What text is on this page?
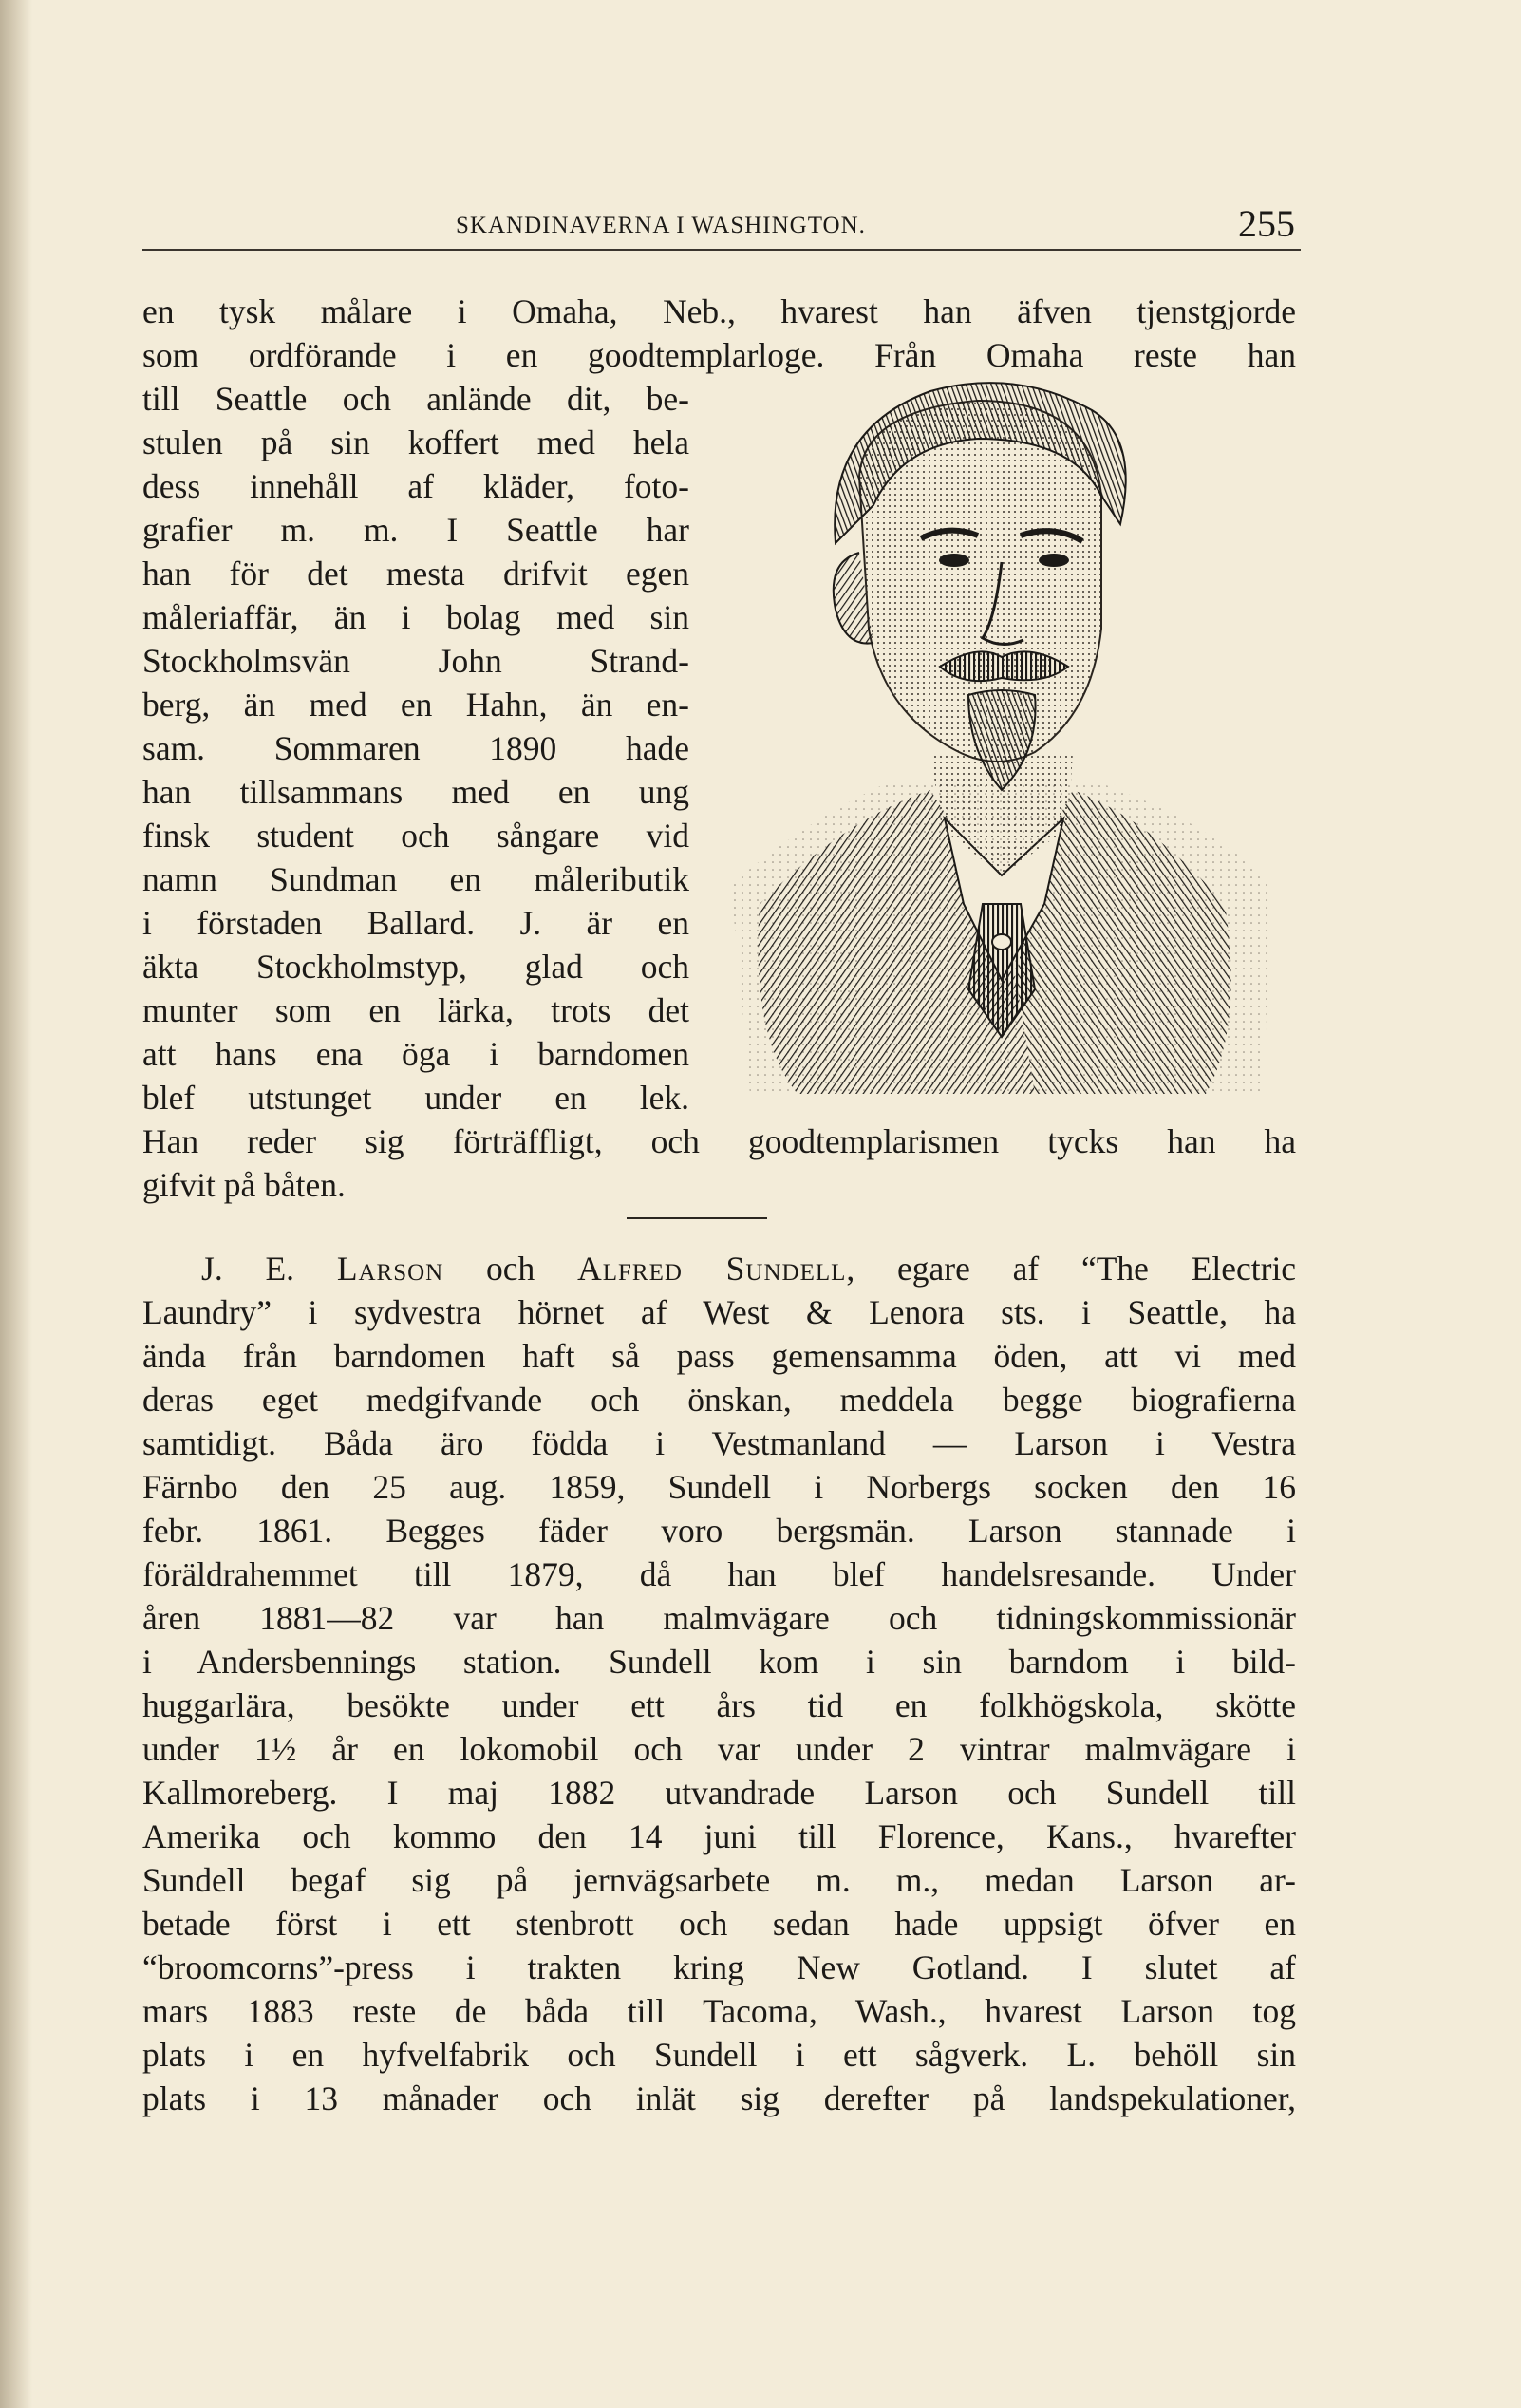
SKANDINAVERNA I WASHINGTON.	255
en tysk målare i Omaha, Neb., hvarest han äfven tjenstgjorde
som ordförande i en goodtemplarloge. Från Omaha reste han
till Seattle och anlände dit, be-
stulen på sin koffert med hela
dess innehåll af kläder, foto-
grafier m. m. I Seattle har
han för det mesta drifvit egen
måleriaffär, än i bolag med sin
Stockholmsvän John Strand-
berg, än med en Hahn, än en-
sam. Sommaren 1890 hade
han tillsammans med en ung
finsk student och sångare vid
namn Sundman en måleributik
i förstaden Ballard. J. är en
äkta Stockholmstyp, glad och
munter som en lärka, trots det
att hans ena öga i barndomen
blef utstunget under en lek.
Han reder sig förträffligt, och goodtemplarismen tycks han ha
gifvit på båten.
J. E. Larson och Alfred Sundell, egare af “The Electric
Laundry” i sydvestra hörnet af West & Lenora sts. i Seattle, ha
ända från barndomen haft så pass gemensamma öden, att vi med
deras eget medgifvande och önskan, meddela begge biografierna
samtidigt. Båda äro födda i Vestmanland — Larson i Vestra
Färnbo den 25 aug. 1859, Sundell i Norbergs socken den 16
febr. 1861. Begges fäder voro bergsmän. Larson stannade i
föräldrahemmet till 1879, då han blef handelsresande. Under
åren 1881—82 var han malmvägare och tidningskommissionär
i Andersbennings station. Sundell kom i sin barndom i bild-
huggarlära, besökte under ett års tid en folkhögskola, skötte
under 1½ år en lokomobil och var under 2 vintrar malmvägare i
Kallmoreberg. I maj 1882 utvandrade Larson och Sundell till
Amerika och kommo den 14 juni till Florence, Kans., hvarefter
Sundell begaf sig på jernvägsarbete m. m., medan Larson ar-
betade först i ett stenbrott och sedan hade uppsigt öfver en
“broomcorns”-press i trakten kring New Gotland. I slutet af
mars 1883 reste de båda till Tacoma, Wash., hvarest Larson tog
plats i en hyfvelfabrik och Sundell i ett sågverk. L. behöll sin
plats i 13 månader och inlät sig derefter på landspekulationer,
